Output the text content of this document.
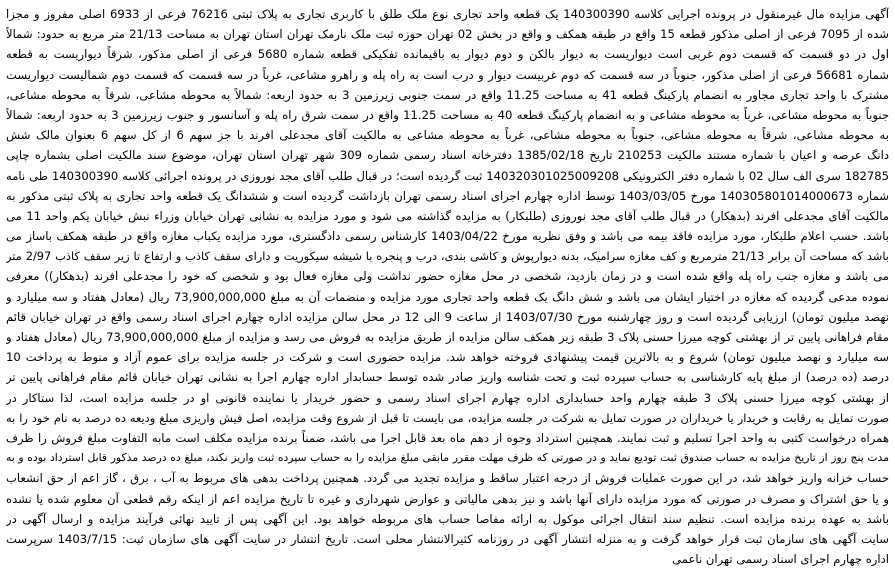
آگهی مزایده مال غیرمنقول در پرونده اجرایی کلاسه 140300390 یک قطعه واحد تجاری نوع ملک طلق با کاربری تجاری به پلاک ثبتی 76216 فرعی از 6933 اصلی مفروز و مجزا
شده از 7095 فرعی از اصلی مذکور قطعه 15 واقع در طبقه همکف و واقع در بخش 02 تهران حوزه ثبت ملک نارمک تهران استان تهران به مساحت 21/13 متر مربع به حدود: شمالاً
اول در دو قسمت که قسمت دوم غربی است دیواریست به دیوار بالکن و دوم دیوار به باقیمانده تفکیکی قطعه شماره 5680 فرعی از اصلی مذکور، شرقاً دیواریست به قطعه
شماره 56681 فرعی از اصلی مذکور، جنوباً در سه قسمت که دوم غربیست دیوار و درب است به راه پله و راهرو مشاعی، غرباً در سه قسمت که قسمت دوم شمالیست دیواریست
مشترک با واحد تجاری مجاور به انضمام پارکینگ قطعه 41 به مساحت 11.25 واقع در سمت جنوبی زیرزمین 3 به حدود اربعه: شمالاً به محوطه مشاعی، شرقاً به محوطه مشاعی،
جنوباً به محوطه مشاعی، غرباً به محوطه مشاعی و به انضمام پارکینگ قطعه 40 به مساحت 11.25 واقع در سمت شرق راه پله و آسانسور و جنوب زیرزمین 3 به حدود اربعه: شمالاً
به محوطه مشاعی، شرقاً به محوطه مشاعی، جنوباً به محوطه مشاعی، غرباً به محوطه مشاعی به مالکیت آقای مجدعلی افرند با جز سهم 6 از کل سهم 6 بعنوان مالک شش
دانگ عرصه و اعیان با شماره مستند مالکیت 210253 تاریخ 1385/02/18 دفترخانه اسناد رسمی شماره 309 شهر تهران استان تهران، موضوع سند مالکیت اصلی بشماره چاپی
182785 سری الف سال 02 با شماره دفتر الکترونیکی 140320301025009208 ثبت گردیده است؛ در قبال طلب آقای مجد نوروزی در پرونده اجرائی کلاسه 140300390 طی نامه
شماره 140305801014000673 مورخ 1403/03/05 توسط اداره چهارم اجرای اسناد رسمی تهران بازداشت گردیده است و ششدانگ یک قطعه واحد تجاری به پلاک ثبتی مذکور به
مالکیت آقای مجدعلی افرند (بدهکار) در قبال طلب آقای مجد نوروزی (طلبکار) به مزایده گذاشته می شود و مورد مزایده به نشانی تهران خیابان وزراء نبش خیابان یکم واحد 11 می
باشد. حسب اعلام طلبکار، مورد مزایده فاقد بیمه می باشد و وفق نظریه مورخ 1403/04/22 کارشناس رسمی دادگستری، مورد مزایده یکباب مغازه واقع در طبقه همکف باساز می
باشد که مساحت آن برابر 21/13 مترمربع و کف مغازه سرامیک، بدنه دیوارپوش و کاشی بندی، درب و پنجره با شیشه سیکوریت و دارای سقف کاذب و ارتفاع تا زیر سقف کاذب 2/97 متر
می باشد و مغازه جنب راه پله واقع شده است و در زمان بازدید، شخصی در محل مغازه حضور نداشت ولی مغازه فعال بود و شخصی که خود را مجدعلی افرند (بدهکار)) معرفی
نموده مدعی گردیده که مغازه در اختیار ایشان می باشد و شش دانگ یک قطعه واحد تجاری مورد مزایده و منضمات آن به مبلغ 73,900,000,000 ریال (معادل هفتاد و سه میلیارد و
نهصد میلیون تومان) ارزیابی گردیده است و روز چهارشنبه مورخ 1403/07/30 از ساعت 9 الی 12 در محل سالن مزایده اداره چهارم اجرای اسناد رسمی واقع در تهران خیابان قائم
مقام فراهانی پایین تر از بهشتی کوچه میرزا حسنی پلاک 3 طبقه زیر همکف سالن مزایده از طریق مزایده به فروش می رسد و مزایده از مبلغ 73,900,000,000 ریال (معادل هفتاد و
سه میلیارد و نهصد میلیون تومان) شروع و به بالاترین قیمت پیشنهادی فروخته خواهد شد. مزایده حضوری است و شرکت در جلسه مزایده برای عموم آزاد و منوط به پرداخت 10
درصد (ده درصد) از مبلغ پایه کارشناسی به حساب سپرده ثبت و تحت شناسه واریز صادر شده توسط حسابدار اداره چهارم اجرا به نشانی تهران خیابان قائم مقام فراهانی پایین تر
از بهشتی کوچه میرزا حسنی پلاک 3 طبقه چهارم واحد حسابداری اداره چهارم اجرای اسناد رسمی و حضور خریدار یا نماینده قانونی او در جلسه مزایده است، لذا ستاکار در
صورت تمایل به رقابت و خریدار یا خریداران در صورت تمایل به شرکت در جلسه مزایده، می بایست تا قبل از شروع وقت مزایده، اصل فیش واریزی مبلغ ودیعه ده درصد به نام خود را به
همراه درخواست کتبی به واحد اجرا تسلیم و ثبت نمایند. همچنین استرداد وجوه از دهم ماه بعد قابل اجرا می باشد، ضمناً برنده مزایده مکلف است مابه التفاوت مبلغ فروش را ظرف
مدت پنج روز از تاریخ مزایده به حساب صندوق ثبت تودیع نماید و در صورتی که ظرف مهلت مقرر مابقی مبلغ مزایده را به حساب سپرده ثبت واریز نکند، مبلغ ده درصد مذکور قابل استرداد بوده و به
حساب خزانه واریز خواهد شد، در این صورت عملیات فروش از درجه اعتبار ساقط و مزایده تجدید می گردد. همچنین پرداخت بدهی های مربوط به آب ، برق ، گاز اعم از حق انشعاب
و یا حق اشتراک و مصرف در صورتی که مورد مزایده دارای آنها باشد و نیز بدهی مالیاتی و عوارض شهرداری و غیره تا تاریخ مزایده اعم از اینکه رقم قطعی آن معلوم شده یا نشده
باشد به عهده برنده مزایده است. تنظیم سند انتقال اجرائی موکول به ارائه مفاصا حساب های مربوطه خواهد بود. این آگهی پس از تایید نهائی فرآیند مزایده و ارسال آگهی در
سایت آگهی های سازمان ثبت قرار خواهد گرفت و به منزله انتشار آگهی در روزنامه کثیرالانتشار محلی است. تاریخ انتشار در سایت آگهی های سازمان ثبت: 1403/7/15 سرپرست
اداره چهارم اجرای اسناد رسمی تهران ناعمی
